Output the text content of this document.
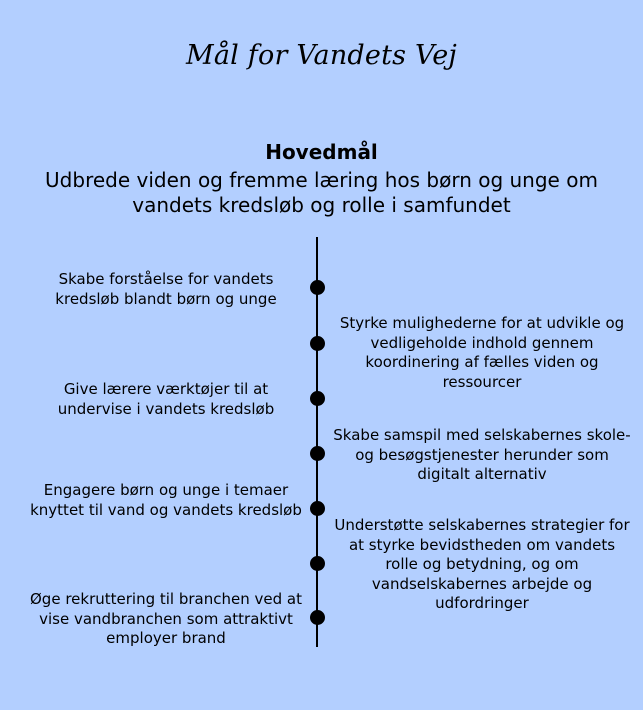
Mål for Vandets Vej
Hovedmål
Udbrede viden og fremme læring hos børn og unge om vandets kredsløb og rolle i samfundet
Skabe forståelse for vandets kredsløb blandt børn og unge
Styrke mulighederne for at udvikle og vedligeholde indhold gennem koordinering af fælles viden og ressourcer
Give lærere værktøjer til at undervise i vandets kredsløb
Skabe samspil med selskabernes skole- og besøgstjenester herunder som digitalt alternativ
Engagere børn og unge i temaer knyttet til vand og vandets kredsløb
Understøtte selskabernes strategier for at styrke bevidstheden om vandets rolle og betydning, og om vandselskabernes arbejde og udfordringer
Øge rekruttering til branchen ved at vise vandbranchen som attraktivt employer brand
